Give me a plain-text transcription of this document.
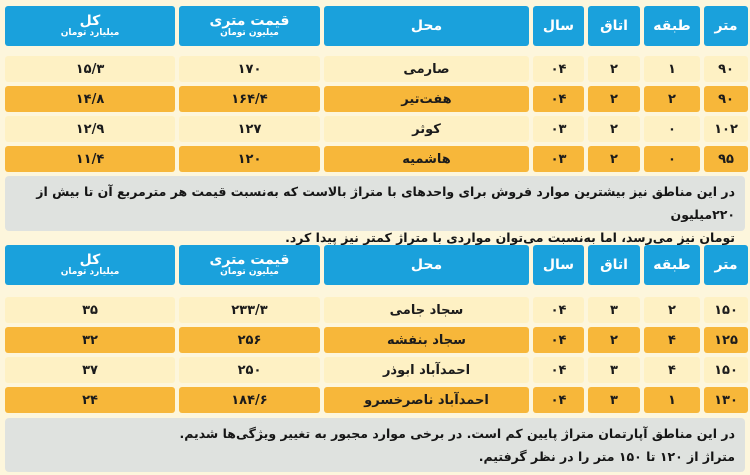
متر
طبقه
اتاق
سال
محل
قیمت متری
میلیون تومان
کل
میلیارد تومان
۹۰
۱
۲
۰۴
صارمی
۱۷۰
۱۵/۳
۹۰
۲
۲
۰۴
هفت‌تیر
۱۶۴/۴
۱۴/۸
۱۰۲
۰
۲
۰۳
کوثر
۱۲۷
۱۲/۹
۹۵
۰
۲
۰۳
هاشمیه
۱۲۰
۱۱/۴
در این مناطق نیز بیشترین موارد فروش برای واحدهای با متراژ بالاست که به‌نسبت قیمت هر مترمربع آن تا بیش از ۲۲۰میلیون
تومان نیز می‌رسد، اما به‌نسبت می‌توان مواردی با متراژ کمتر نیز پیدا کرد.
متر
طبقه
اتاق
سال
محل
قیمت متری
میلیون تومان
کل
میلیارد تومان
۱۵۰
۲
۳
۰۴
سجاد جامی
۲۳۳/۳
۳۵
۱۲۵
۴
۲
۰۴
سجاد بنفشه
۲۵۶
۳۲
۱۵۰
۴
۳
۰۴
احمدآباد ابوذر
۲۵۰
۳۷
۱۳۰
۱
۳
۰۴
احمدآباد ناصرخسرو
۱۸۴/۶
۲۴
در این مناطق آپارتمان متراژ پایین کم است. در برخی موارد مجبور به تغییر ویژگی‌ها شدیم.
متراژ از ۱۲۰ تا ۱۵۰ متر را در نظر گرفتیم.
